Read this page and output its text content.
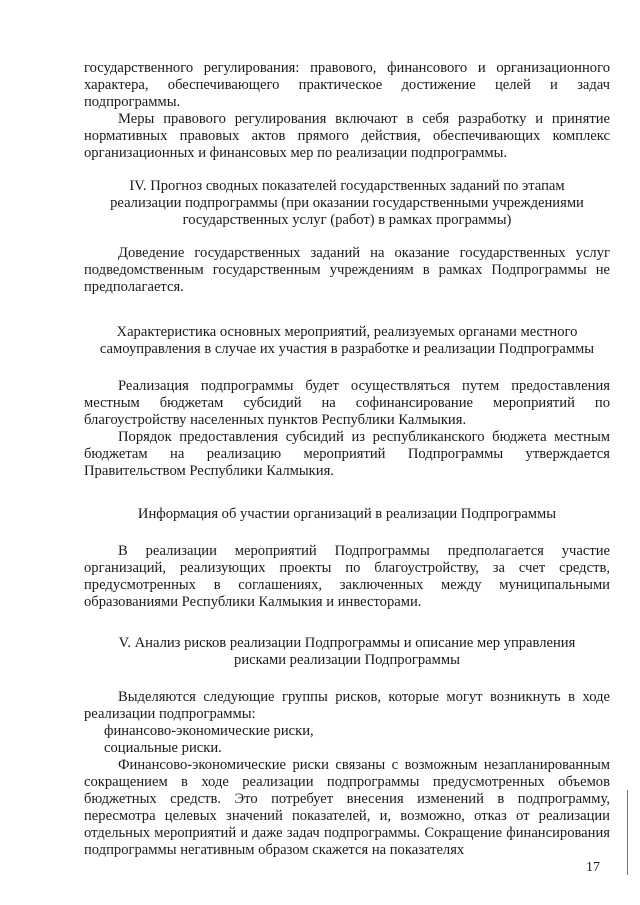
государственного регулирования: правового, финансового и организационного характера, обеспечивающего практическое достижение целей и задач подпрограммы.

Меры правового регулирования включают в себя разработку и принятие нормативных правовых актов прямого действия, обеспечивающих комплекс организационных и финансовых мер по реализации подпрограммы.

IV. Прогноз сводных показателей государственных заданий по этапам реализации подпрограммы (при оказании государственными учреждениями государственных услуг (работ) в рамках программы)

Доведение государственных заданий на оказание государственных услуг подведомственным государственным учреждениям в рамках Подпрограммы не предполагается.

Характеристика основных мероприятий, реализуемых органами местного самоуправления в случае их участия в разработке и реализации Подпрограммы

Реализация подпрограммы будет осуществляться путем предоставления местным бюджетам субсидий на софинансирование мероприятий по благоустройству населенных пунктов Республики Калмыкия.

Порядок предоставления субсидий из республиканского бюджета местным бюджетам на реализацию мероприятий Подпрограммы утверждается Правительством Республики Калмыкия.

Информация об участии организаций в реализации Подпрограммы

В реализации мероприятий Подпрограммы предполагается участие организаций, реализующих проекты по благоустройству, за счет средств, предусмотренных в соглашениях, заключенных между муниципальными образованиями Республики Калмыкия и инвесторами.

V. Анализ рисков реализации Подпрограммы и описание мер управления рисками реализации Подпрограммы

Выделяются следующие группы рисков, которые могут возникнуть в ходе реализации подпрограммы:

финансово-экономические риски,

социальные риски.

Финансово-экономические риски связаны с возможным незапланированным сокращением в ходе реализации подпрограммы предусмотренных объемов бюджетных средств. Это потребует внесения изменений в подпрограмму, пересмотра целевых значений показателей, и, возможно, отказ от реализации отдельных мероприятий и даже задач подпрограммы. Сокращение финансирования подпрограммы негативным образом скажется на показателях

17
